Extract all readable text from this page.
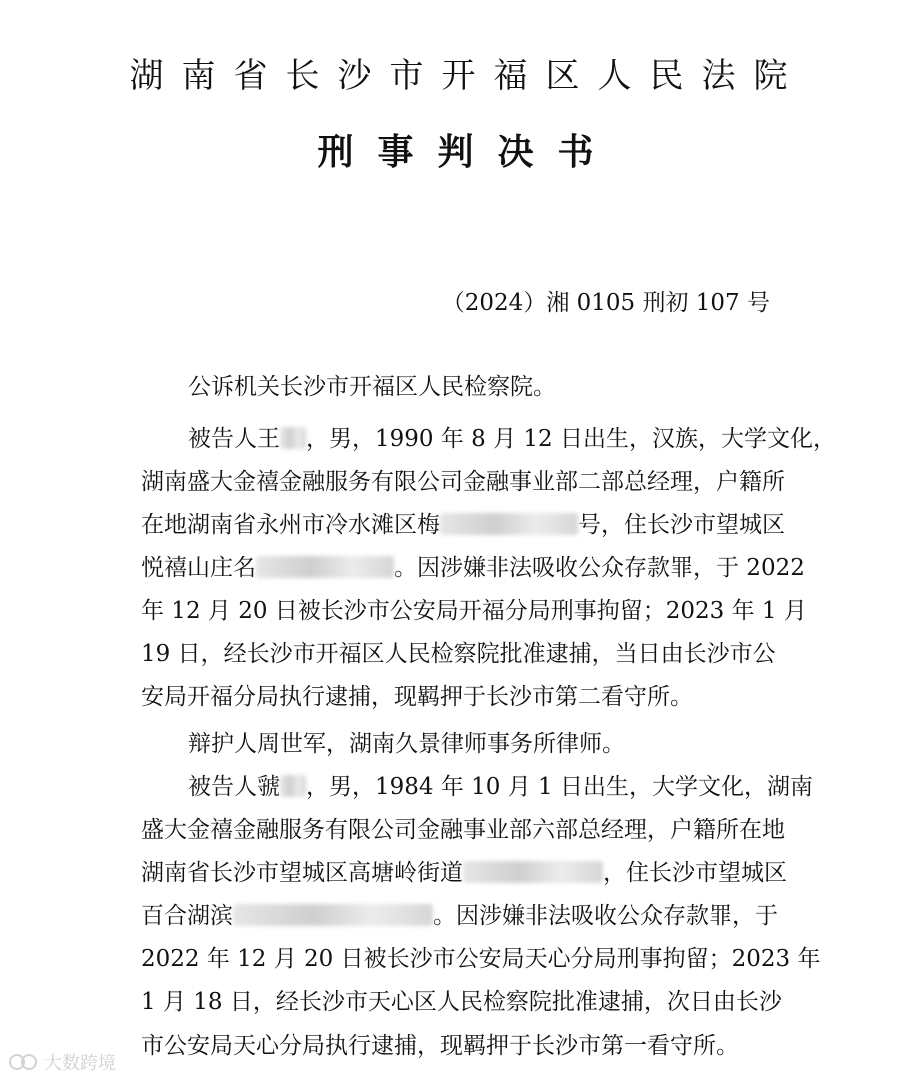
湖南省长沙市开福区人民法院
刑事判决书
（2024）湘 0105 刑初 107 号
公诉机关长沙市开福区人民检察院。
被告人王 ，男，1990 年 8 月 12 日出生，汉族，大学文化，
湖南盛大金禧金融服务有限公司金融事业部二部总经理，户籍所
在地湖南省永州市冷水滩区梅	号，住长沙市望城区
悦禧山庄名	。因涉嫌非法吸收公众存款罪，于 2022
年 12 月 20 日被长沙市公安局开福分局刑事拘留；2023 年 1 月
19 日，经长沙市开福区人民检察院批准逮捕，当日由长沙市公
安局开福分局执行逮捕，现羁押于长沙市第二看守所。
辩护人周世军，湖南久景律师事务所律师。
被告人虢 ，男，1984 年 10 月 1 日出生，大学文化，湖南
盛大金禧金融服务有限公司金融事业部六部总经理，户籍所在地
湖南省长沙市望城区高塘岭街道	，住长沙市望城区
百合湖滨	。因涉嫌非法吸收公众存款罪，于
2022 年 12 月 20 日被长沙市公安局天心分局刑事拘留；2023 年
1 月 18 日，经长沙市天心区人民检察院批准逮捕，次日由长沙
市公安局天心分局执行逮捕，现羁押于长沙市第一看守所。
大数跨境
